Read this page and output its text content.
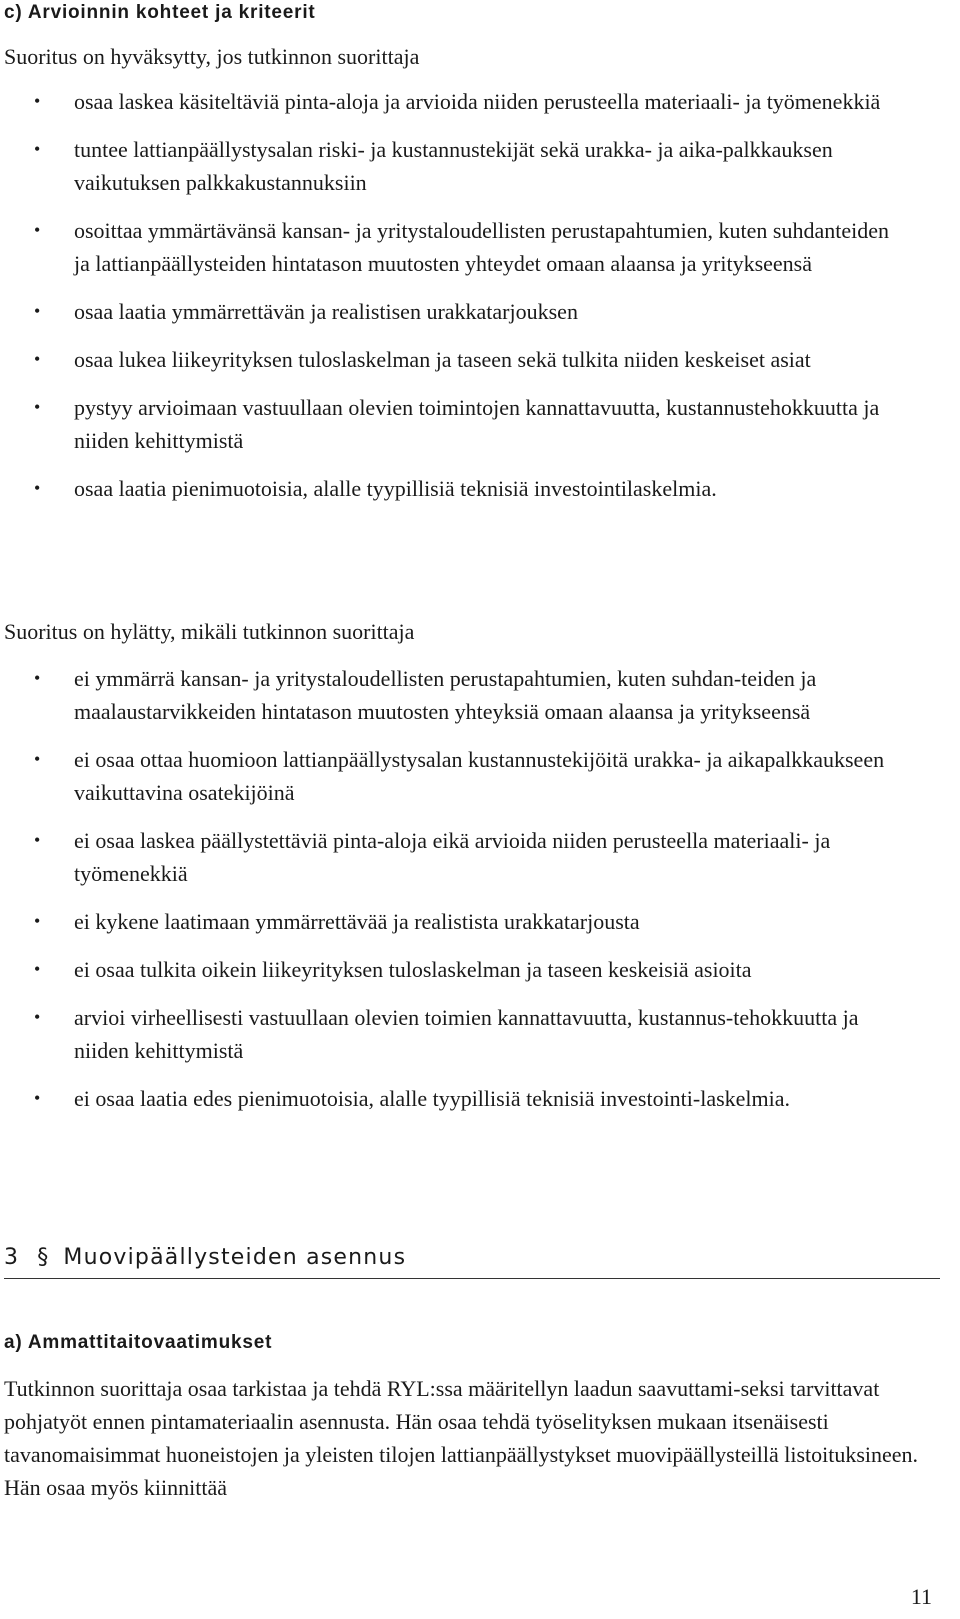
c) Arvioinnin kohteet ja kriteerit

Suoritus on hyväksytty, jos tutkinnon suorittaja

• osaa laskea käsiteltäviä pinta-aloja ja arvioida niiden perusteella materiaali- ja työmenekkiä
• tuntee lattianpäällystysalan riski- ja kustannustekijät sekä urakka- ja aika-palkkauksen vaikutuksen palkkakustannuksiin
• osoittaa ymmärtävänsä kansan- ja yritystaloudellisten perustapahtumien, kuten suhdanteiden ja lattianpäällysteiden hintatason muutosten yhteydet omaan alaansa ja yritykseensä
• osaa laatia ymmärrettävän ja realistisen urakkatarjouksen
• osaa lukea liikeyrityksen tuloslaskelman ja taseen sekä tulkita niiden keskeiset asiat
• pystyy arvioimaan vastuullaan olevien toimintojen kannattavuutta, kustannustehokkuutta ja niiden kehittymistä
• osaa laatia pienimuotoisia, alalle tyypillisiä teknisiä investointilaskelmia.

Suoritus on hylätty, mikäli tutkinnon suorittaja

• ei ymmärrä kansan- ja yritystaloudellisten perustapahtumien, kuten suhdan-teiden ja maalaustarvikkeiden hintatason muutosten yhteyksiä omaan alaansa ja yritykseensä
• ei osaa ottaa huomioon lattianpäällystysalan kustannustekijöitä urakka- ja aikapalkkaukseen vaikuttavina osatekijöinä
• ei osaa laskea päällystettäviä pinta-aloja eikä arvioida niiden perusteella materiaali- ja työmenekkiä
• ei kykene laatimaan ymmärrettävää ja realistista urakkatarjousta
• ei osaa tulkita oikein liikeyrityksen tuloslaskelman ja taseen keskeisiä asioita
• arvioi virheellisesti vastuullaan olevien toimien kannattavuutta, kustannus-tehokkuutta ja niiden kehittymistä
• ei osaa laatia edes pienimuotoisia, alalle tyypillisiä teknisiä investointi-laskelmia.
3 § Muovipäällysteiden asennus
a) Ammattitaitovaatimukset

Tutkinnon suorittaja osaa tarkistaa ja tehdä RYL:ssa määritellyn laadun saavuttami-seksi tarvittavat pohjatyöt ennen pintamateriaalin asennusta. Hän osaa tehdä työselityksen mukaan itsenäisesti tavanomaisimmat huoneistojen ja yleisten tilojen lattianpäällystykset muovipäällysteillä listoituksineen. Hän osaa myös kiinnittää

11
